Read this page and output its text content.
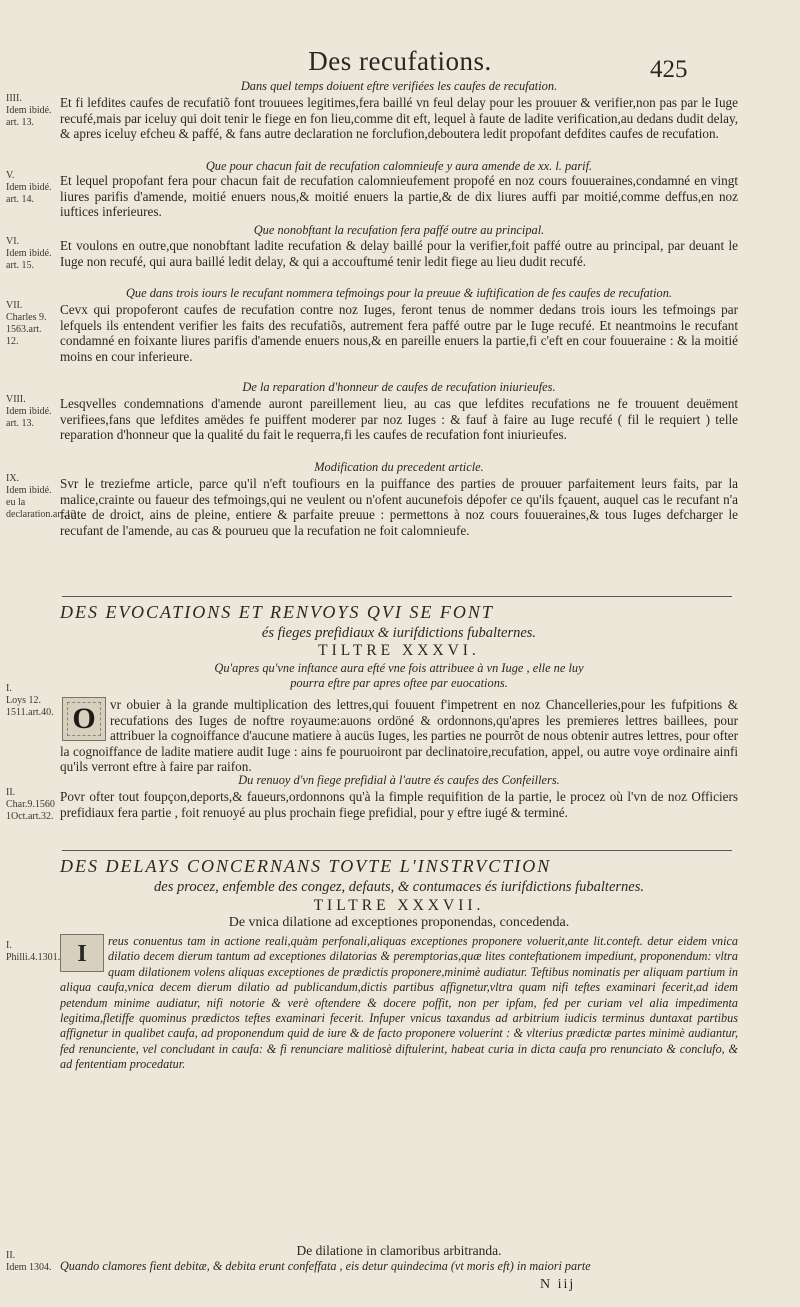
Des recufations.	425
Dans quel temps doiuent eftre verifiées les caufes de recufation.
IIII.
Idem ibidé.
art. 13.
Et fi lefdites caufes de recufatiõ font trouuees legitimes,fera baillé vn feul delay pour les prouuer & verifier,non pas par le Iuge recufé,mais par iceluy qui doit tenir le fiege en fon lieu,comme dit eft, lequel à faute de ladite verification,au dedans dudit delay, & apres iceluy efcheu & paffé, & fans autre declaration ne forclufion,deboutera ledit propofant defdites caufes de recufation.
Que pour chacun fait de recufation calomnieufe y aura amende de xx. l. parif.
V.
Idem ibidé.
art. 14.
Et lequel propofant fera pour chacun fait de recufation calomnieufement propofé en noz cours fouueraines,condamné en vingt liures parifis d'amende, moitié enuers nous,& moitié enuers la partie,& de dix liures auffi par moitié,comme deffus,en noz iuftices inferieures.
Que nonobftant la recufation fera paffé outre au principal.
VI.
Idem ibidé.
art. 15.
Et voulons en outre,que nonobftant ladite recufation & delay baillé pour la verifier,foit paffé outre au principal, par deuant le Iuge non recufé, qui aura baillé ledit delay, & qui a accouftumé tenir ledit fiege au lieu dudit recufé.
Que dans trois iours le recufant nommera tefmoings pour la preuue & iuftification de fes caufes de recufation.
VII.
Charles 9.
1563.art. 12.
Cevx qui propoferont caufes de recufation contre noz Iuges, feront tenus de nommer dedans trois iours les tefmoings par lefquels ils entendent verifier les faits des recufatiõs, autrement fera paffé outre par le Iuge recufé. Et neantmoins le recufant condamné en foixante liures parifis d'amende enuers nous,& en pareille enuers la partie,fi c'eft en cour fouueraine : & la moitié moins en cour inferieure.
De la reparation d'honneur de caufes de recufation iniurieufes.
VIII.
Idem ibidé.
art. 13.
Lesqvelles condemnations d'amende auront pareillement lieu, au cas que lefdites recufations ne fe trouuent deuëment verifiees,fans que lefdites amëdes fe puiffent moderer par noz Iuges : & fauf à faire au Iuge recufé ( fil le requiert ) telle reparation d'honneur que la qualité du fait le requerra,fi les caufes de recufation font iniurieufes.
Modification du precedent article.
IX.
Idem ibidé.
eu la declaration.art.13
Svr le treziefme article, parce qu'il n'eft toufiours en la puiffance des parties de prouuer parfaitement leurs faits, par la malice,crainte ou faueur des tefmoings,qui ne veulent ou n'ofent aucunefois dépofer ce qu'ils fçauent, auquel cas le recufant n'a faute de droict, ains de pleine, entiere & parfaite preuue : permettons à noz cours fouueraines,& tous Iuges defcharger le recufant de l'amende, au cas & pourueu que la recufation ne foit calomnieufe.
DES EVOCATIONS ET RENVOYS QVI SE FONT
és fieges prefidiaux & iurifdictions fubalternes.
TILTRE XXXVI.
Qu'apres qu'vne inftance aura efté vne fois attribuee à vn Iuge , elle ne luy
pourra eftre par apres oftee par euocations.
I.
Loys 12.
1511.art.40. O	vr obuier à la grande multiplication des lettres,qui fouuent f'impetrent en noz Chancelleries,pour les fufpitions & recufations des Iuges de noftre royaume:auons ordöné & ordonnons,qu'apres les premieres lettres baillees, pour attribuer la cognoiffance d'aucune matiere à aucüs Iuges, les parties ne pourrõt de nous obtenir autres lettres, pour ofter la cognoiffance de ladite matiere audit Iuge : ains fe pouruoiront par declinatoire,recufation, appel, ou autre voye ordinaire ainfi qu'ils verront eftre à faire par raifon.
Du renuoy d'vn fiege prefidial à l'autre és caufes des Confeillers.
II.
Char.9.1560
1Oct.art.32.
Povr ofter tout foupçon,deports,& faueurs,ordonnons qu'à la fimple requifition de la partie, le procez où l'vn de noz Officiers prefidiaux fera partie , foit renuoyé au plus prochain fiege prefidial, pour y eftre iugé & terminé.
DES DELAYS CONCERNANS TOVTE L'INSTRVCTION
des procez, enfemble des congez, defauts, & contumaces és iurifdictions fubalternes.
TILTRE XXXVII.
De vnica dilatione ad exceptiones proponendas, concedenda.
I.
Philli.4.1301. I	reus conuentus tam in actione reali,quàm perfonali,aliquas exceptiones proponere voluerit,ante lit.conteft. detur eidem vnica dilatio decem dierum tantum ad exceptiones dilatorias & peremptorias,quæ lites conteftationem impediunt, proponendum: vltra quam dilationem volens aliquas exceptiones de prædictis proponere,minimè audiatur. Teftibus nominatis per aliquam partium in aliqua caufa,vnica decem dierum dilatio ad publicandum,dictis partibus affignetur,vltra quam nifi teftes examinari fecerit,ad idem petendum minime audiatur, nifi notorie & verè oftendere & docere poffit, non per ipfam, fed per curiam vel alia impedimenta legitima,fletiffe quominus prædictos teftes examinari fecerit. Infuper vnicus taxandus ad arbitrium iudicis terminus duntaxat partibus affignetur in qualibet caufa, ad proponendum quid de iure & de facto proponere voluerint : & vlterius prædictæ partes minimè audiantur, fed renunciente, vel concludant in caufa: & fi renunciare malitiosè diftulerint, habeat curia in dicta caufa pro renunciato & conclufo, & ad fententiam procedatur.
De dilatione in clamoribus arbitranda.
II.
Idem 1304. Quando clamores fient debitæ, & debita erunt confeffata , eis detur quindecima (vt moris eft) in maiori parte
N iij
